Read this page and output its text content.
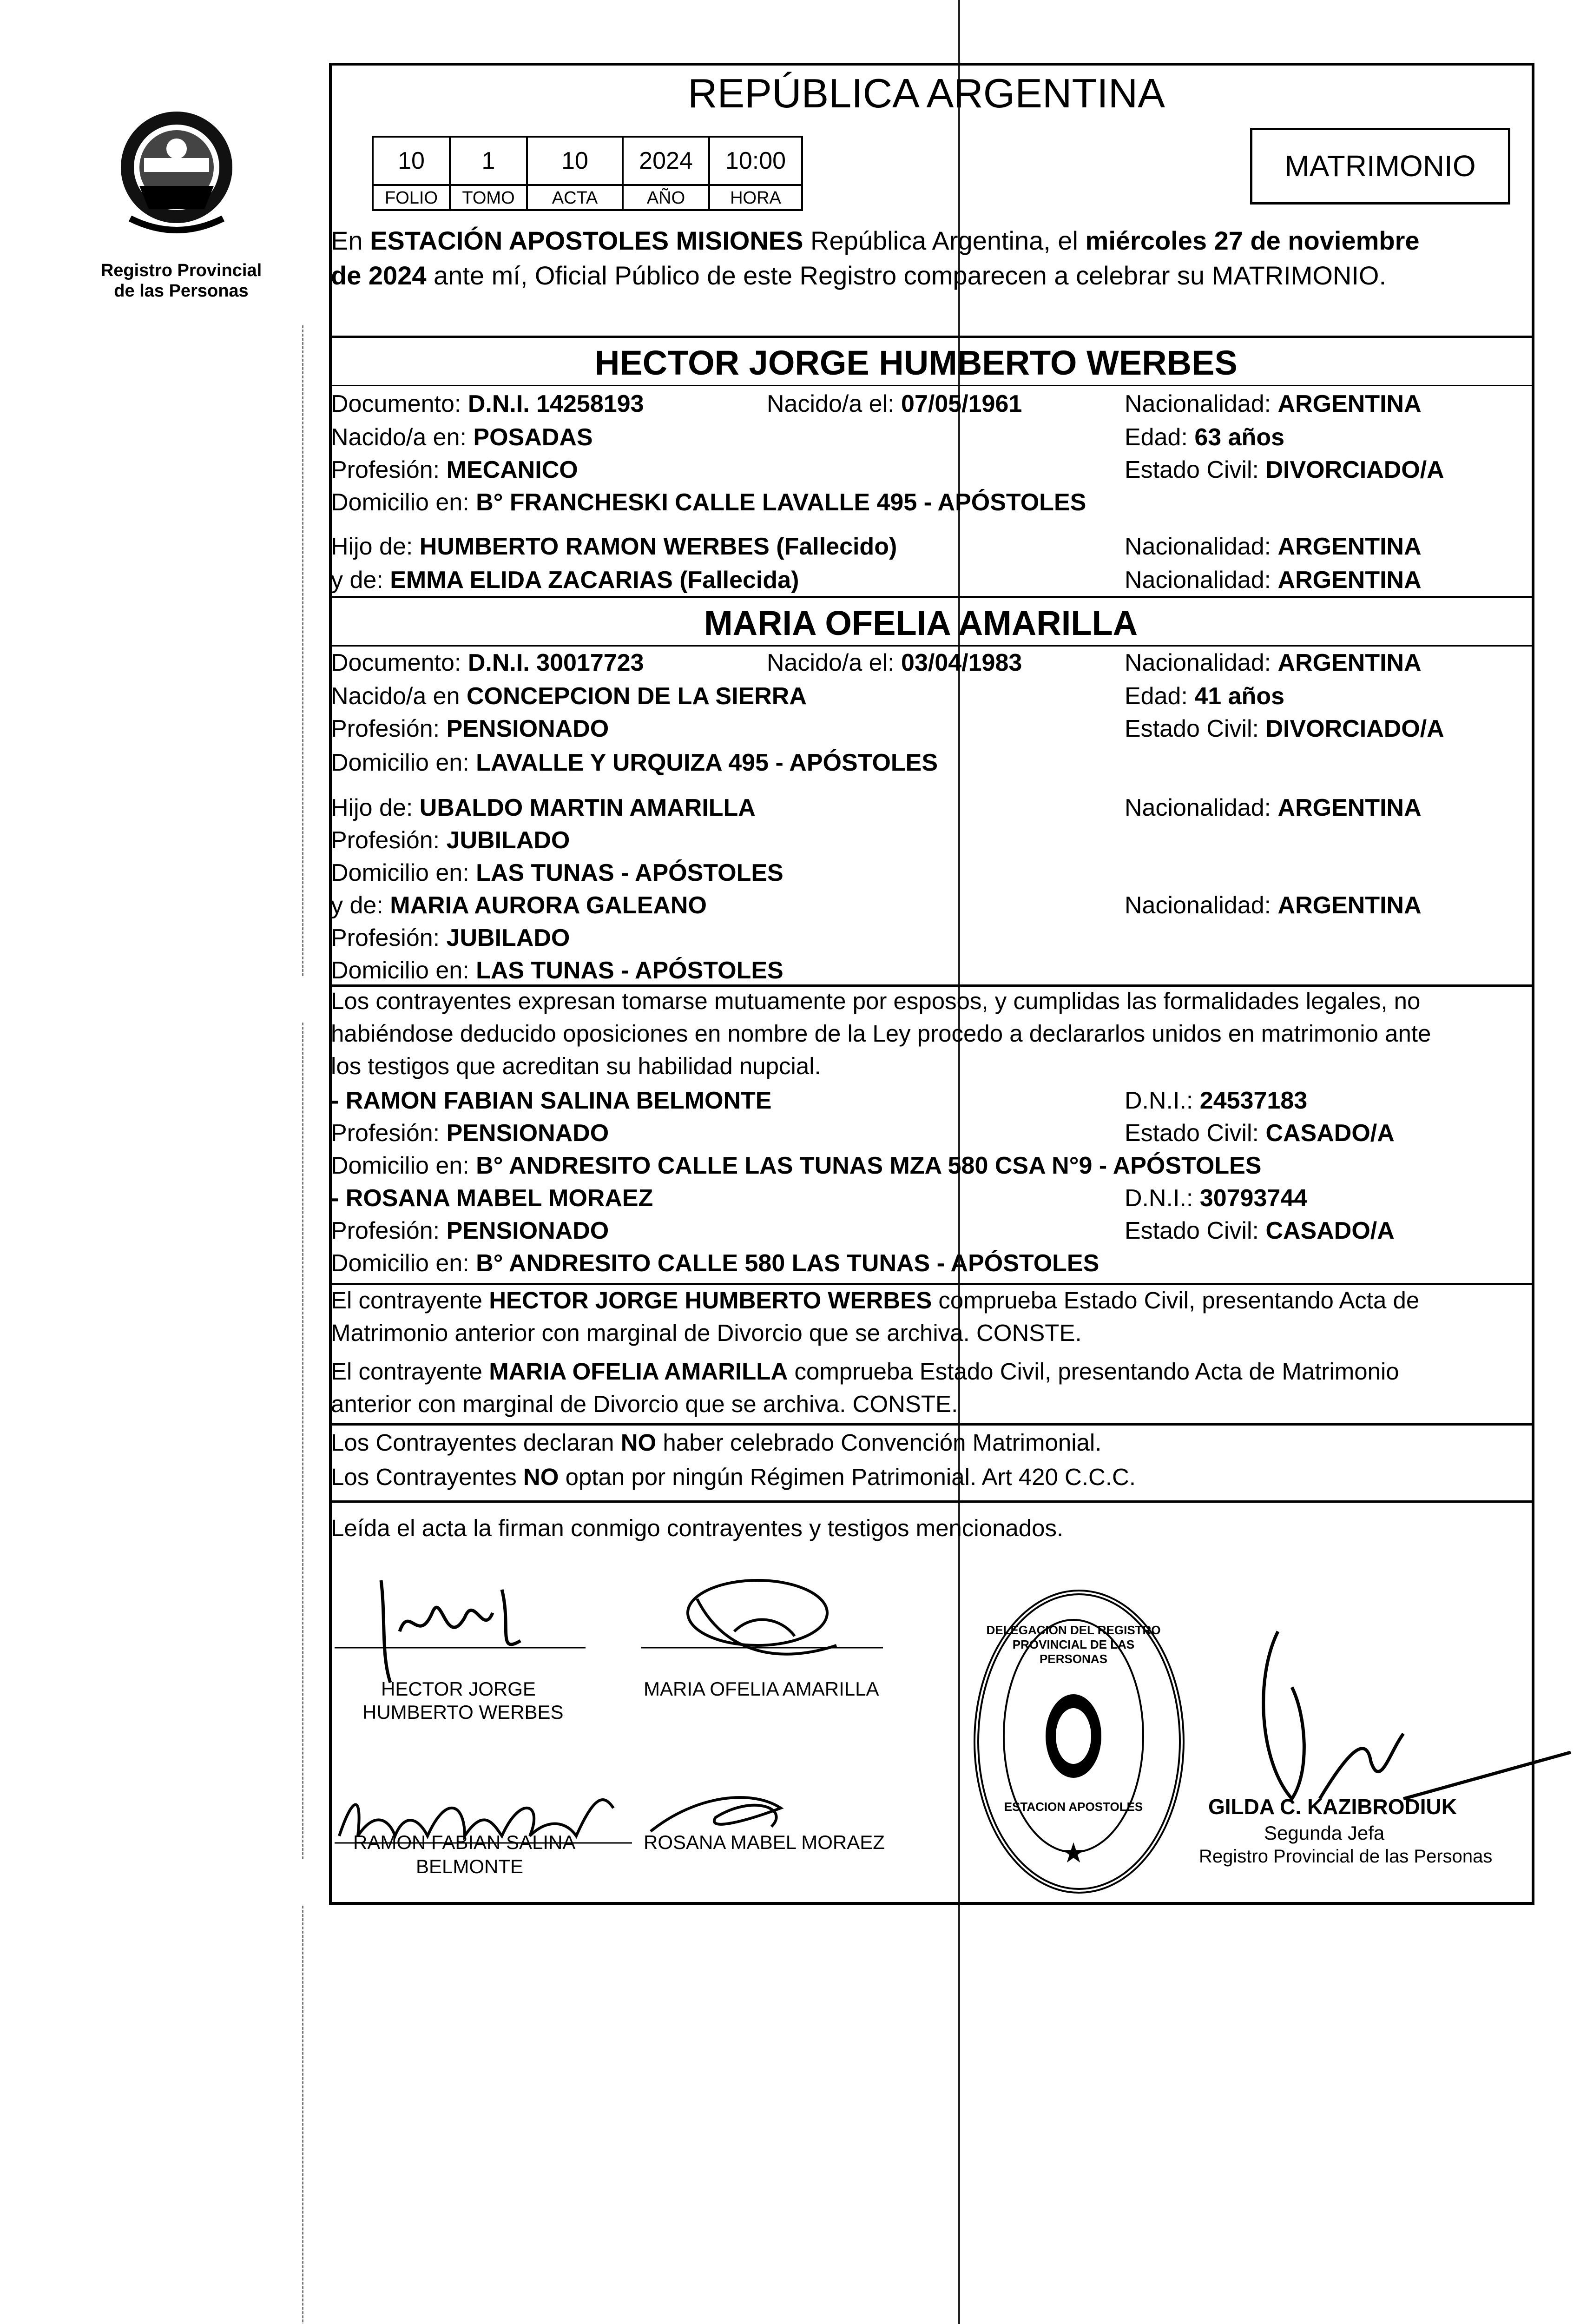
Registro Provincial
de las Personas
REPÚBLICA ARGENTINA
10	1	10	2024	10:00
FOLIO	TOMO	ACTA	AÑO	HORA
MATRIMONIO
En ESTACIÓN APOSTOLES MISIONES República Argentina, el miércoles 27 de noviembre
de 2024 ante mí, Oficial Público de este Registro comparecen a celebrar su MATRIMONIO.
HECTOR JORGE HUMBERTO WERBES
Documento: D.N.I. 14258193	Nacido/a el: 07/05/1961	Nacionalidad: ARGENTINA
Nacido/a en: POSADAS	Edad: 63 años
Profesión: MECANICO	Estado Civil: DIVORCIADO/A
Domicilio en: B° FRANCHESKI CALLE LAVALLE 495 - APÓSTOLES
Hijo de: HUMBERTO RAMON WERBES (Fallecido)	Nacionalidad: ARGENTINA
y de: EMMA ELIDA ZACARIAS (Fallecida)	Nacionalidad: ARGENTINA
MARIA OFELIA AMARILLA
Documento: D.N.I. 30017723	Nacido/a el: 03/04/1983	Nacionalidad: ARGENTINA
Nacido/a en CONCEPCION DE LA SIERRA	Edad: 41 años
Profesión: PENSIONADO	Estado Civil: DIVORCIADO/A
Domicilio en: LAVALLE Y URQUIZA 495 - APÓSTOLES
Hijo de: UBALDO MARTIN AMARILLA	Nacionalidad: ARGENTINA
Profesión: JUBILADO
Domicilio en: LAS TUNAS - APÓSTOLES
y de: MARIA AURORA GALEANO	Nacionalidad: ARGENTINA
Profesión: JUBILADO
Domicilio en: LAS TUNAS - APÓSTOLES
Los contrayentes expresan tomarse mutuamente por esposos, y cumplidas las formalidades legales, no
habiéndose deducido oposiciones en nombre de la Ley procedo a declararlos unidos en matrimonio ante
los testigos que acreditan su habilidad nupcial.
- RAMON FABIAN SALINA BELMONTE	D.N.I.: 24537183
Profesión: PENSIONADO	Estado Civil: CASADO/A
Domicilio en: B° ANDRESITO CALLE LAS TUNAS MZA 580 CSA N°9 - APÓSTOLES
- ROSANA MABEL MORAEZ	D.N.I.: 30793744
Profesión: PENSIONADO	Estado Civil: CASADO/A
Domicilio en: B° ANDRESITO CALLE 580 LAS TUNAS - APÓSTOLES
El contrayente HECTOR JORGE HUMBERTO WERBES comprueba Estado Civil, presentando Acta de
Matrimonio anterior con marginal de Divorcio que se archiva. CONSTE.
El contrayente MARIA OFELIA AMARILLA comprueba Estado Civil, presentando Acta de Matrimonio
anterior con marginal de Divorcio que se archiva. CONSTE.
Los Contrayentes declaran NO haber celebrado Convención Matrimonial.
Los Contrayentes NO optan por ningún Régimen Patrimonial. Art 420 C.C.C.
Leída el acta la firman conmigo contrayentes y testigos mencionados.
HECTOR JORGE
HUMBERTO WERBES
MARIA OFELIA AMARILLA
RAMON FABIAN SALINA
BELMONTE
ROSANA MABEL MORAEZ	★
DELEGACION DEL REGISTRO PROVINCIAL DE LAS PERSONAS
ESTACION APOSTOLES	GILDA C. KAZIBRODIUK
Segunda Jefa
Registro Provincial de las Personas
